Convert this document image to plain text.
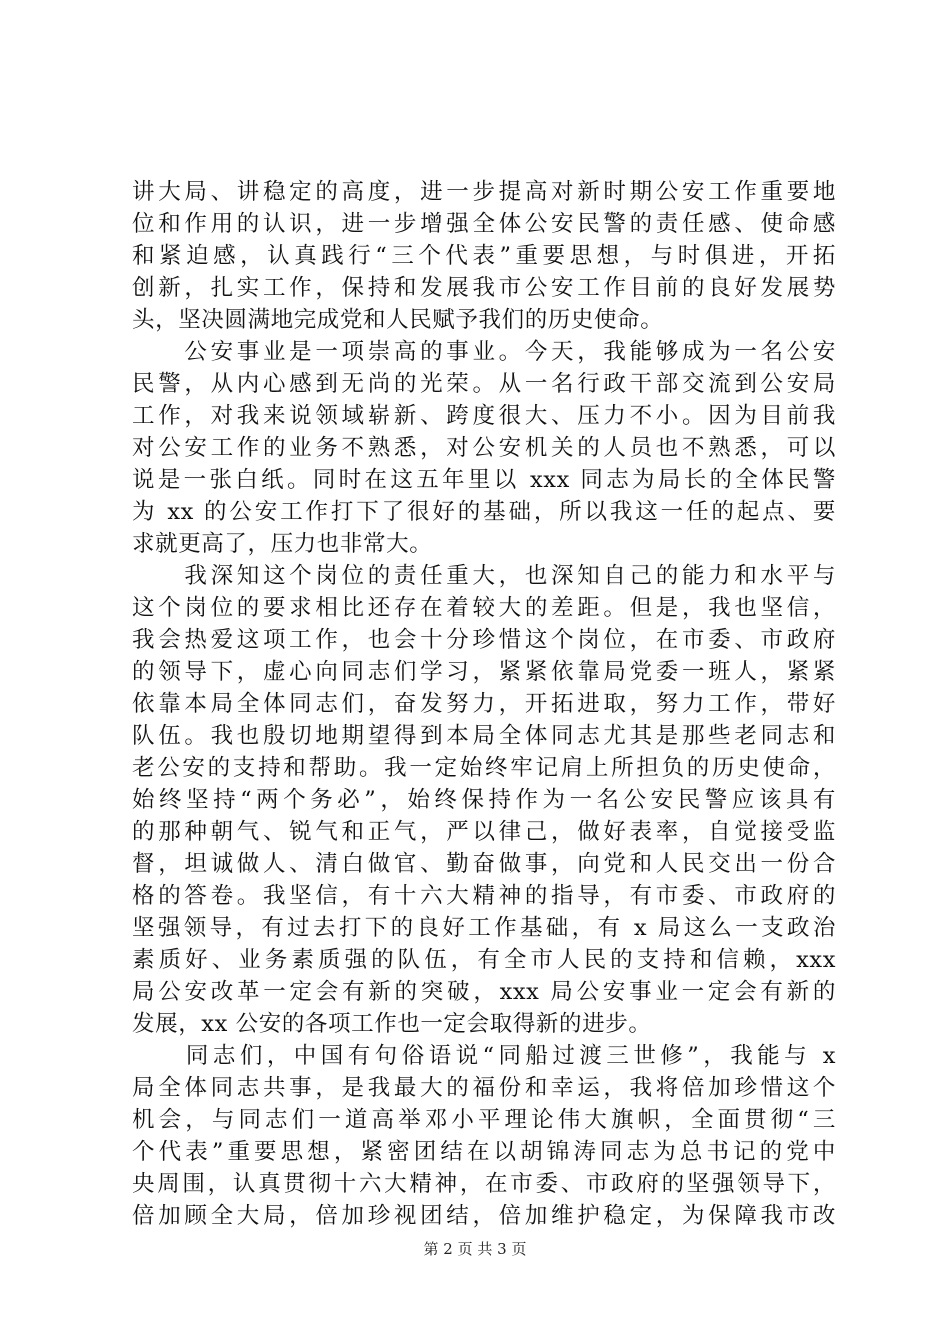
讲大局、讲稳定的高度，进一步提高对新时期公安工作重要地
位和作用的认识，进一步增强全体公安民警的责任感、使命感
和紧迫感，认真践行“三个代表”重要思想，与时俱进，开拓
创新，扎实工作，保持和发展我市公安工作目前的良好发展势
头，坚决圆满地完成党和人民赋予我们的历史使命。
　　公安事业是一项崇高的事业。今天，我能够成为一名公安
民警，从内心感到无尚的光荣。从一名行政干部交流到公安局
工作，对我来说领域崭新、跨度很大、压力不小。因为目前我
对公安工作的业务不熟悉，对公安机关的人员也不熟悉，可以
说是一张白纸。同时在这五年里以 xxx 同志为局长的全体民警
为 xx 的公安工作打下了很好的基础，所以我这一任的起点、要
求就更高了，压力也非常大。
　　我深知这个岗位的责任重大，也深知自己的能力和水平与
这个岗位的要求相比还存在着较大的差距。但是，我也坚信，
我会热爱这项工作，也会十分珍惜这个岗位，在市委、市政府
的领导下，虚心向同志们学习，紧紧依靠局党委一班人，紧紧
依靠本局全体同志们，奋发努力，开拓进取，努力工作，带好
队伍。我也殷切地期望得到本局全体同志尤其是那些老同志和
老公安的支持和帮助。我一定始终牢记肩上所担负的历史使命，
始终坚持“两个务必”，始终保持作为一名公安民警应该具有
的那种朝气、锐气和正气，严以律己，做好表率，自觉接受监
督，坦诚做人、清白做官、勤奋做事，向党和人民交出一份合
格的答卷。我坚信，有十六大精神的指导，有市委、市政府的
坚强领导，有过去打下的良好工作基础，有 x 局这么一支政治
素质好、业务素质强的队伍，有全市人民的支持和信赖，xxx
局公安改革一定会有新的突破，xxx 局公安事业一定会有新的
发展，xx 公安的各项工作也一定会取得新的进步。
　　同志们，中国有句俗语说“同船过渡三世修”，我能与 x
局全体同志共事，是我最大的福份和幸运，我将倍加珍惜这个
机会，与同志们一道高举邓小平理论伟大旗帜，全面贯彻“三
个代表”重要思想，紧密团结在以胡锦涛同志为总书记的党中
央周围，认真贯彻十六大精神，在市委、市政府的坚强领导下，
倍加顾全大局，倍加珍视团结，倍加维护稳定，为保障我市改
第 2 页 共 3 页
